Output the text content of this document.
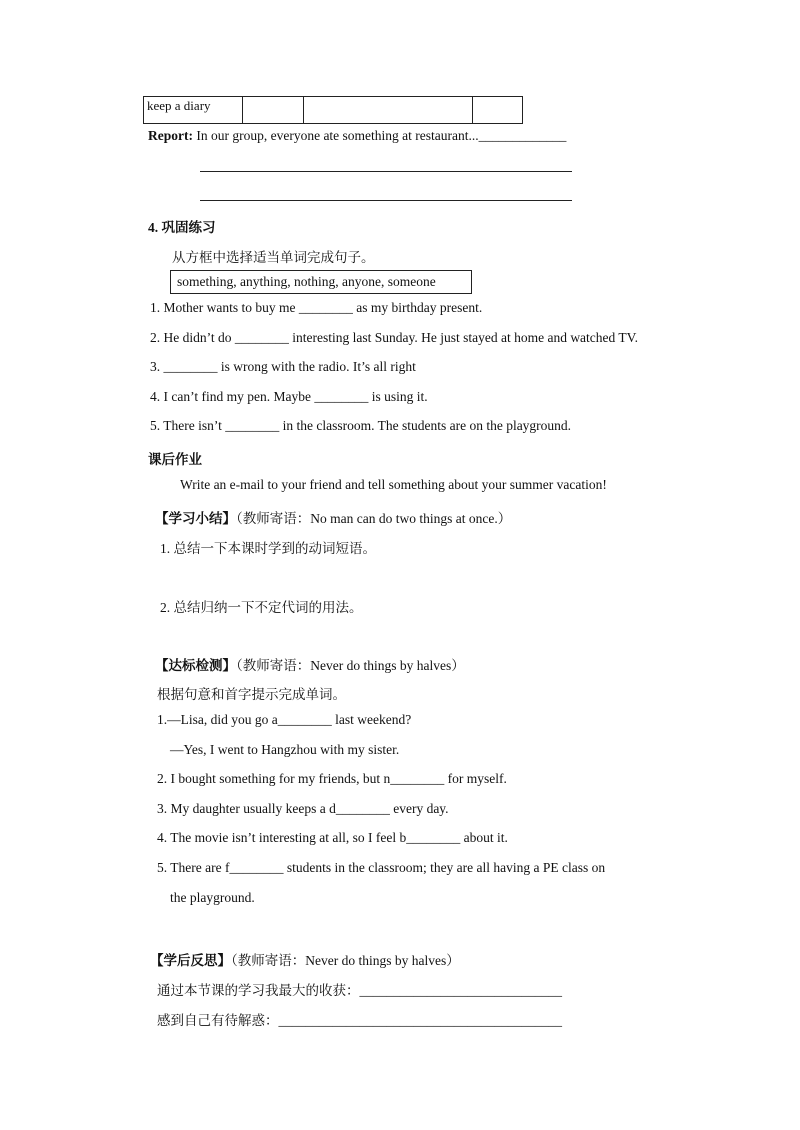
keep a diary			
Report: In our group, everyone ate something at restaurant..._____________
4. 巩固练习
从方框中选择适当单词完成句子。
something, anything, nothing, anyone, someone
1. Mother wants to buy me ________ as my birthday present.
2. He didn’t do ________ interesting last Sunday. He just stayed at home and watched TV.
3. ________ is wrong with the radio. It’s all right
4. I can’t find my pen. Maybe ________ is using it.
5. There isn’t ________ in the classroom. The students are on the playground.
课后作业
Write an e-mail to your friend and tell something about your summer vacation!
【学习小结】（教师寄语：No man can do two things at once.）
1. 总结一下本课时学到的动词短语。
2. 总结归纳一下不定代词的用法。
【达标检测】（教师寄语：Never do things by halves）
根据句意和首字提示完成单词。
1.—Lisa, did you go a________ last weekend?
—Yes, I went to Hangzhou with my sister.
2. I bought something for my friends, but n________ for myself.
3. My daughter usually keeps a d________ every day.
4. The movie isn’t interesting at all, so I feel b________ about it.
5. There are f________ students in the classroom; they are all having a PE class on
the playground.
【学后反思】（教师寄语：Never do things by halves）
通过本节课的学习我最大的收获：______________________________
感到自己有待解惑：__________________________________________
